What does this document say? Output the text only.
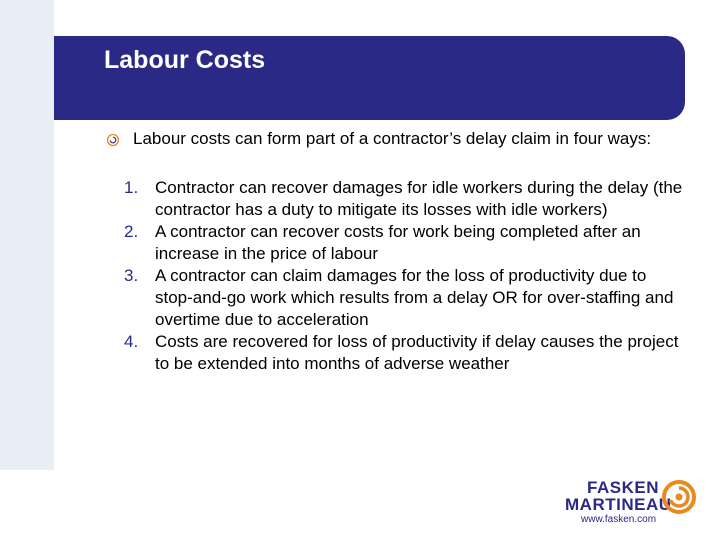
Labour Costs
Labour costs can form part of a contractor’s delay claim in four ways:
1. Contractor can recover damages for idle workers during the delay (the contractor has a duty to mitigate its losses with idle workers)
2. A contractor can recover costs for work being completed after an increase in the price of labour
3. A contractor can claim damages for the loss of productivity due to stop-and-go work which results from a delay OR for over-staffing and overtime due to acceleration
4. Costs are recovered for loss of productivity if delay causes the project to be extended into months of adverse weather
FASKEN
MARTINEAU
www.fasken.com
